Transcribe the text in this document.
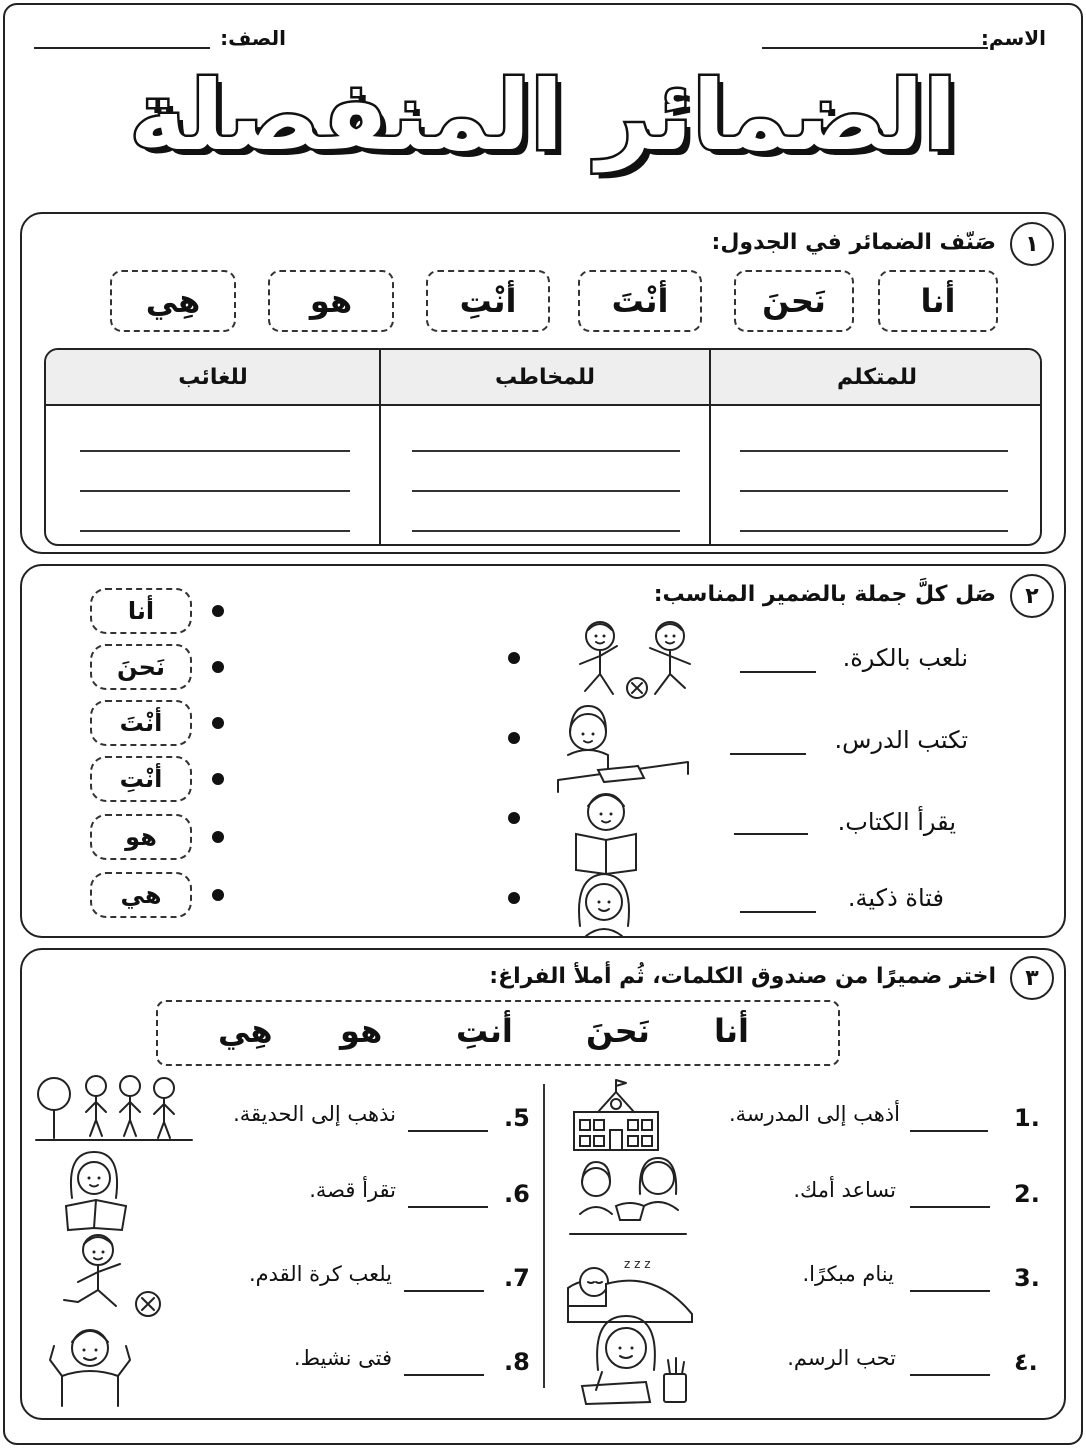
الاسم:
الصف:
الضمائر المنفصلة
١
صَنّف الضمائر في الجدول:
أنا
نَحنَ
أنْتَ
أنْتِ
هو
هِي
للمتكلم
للمخاطب
للغائب
٢
صَل كلَّ جملة بالضمير المناسب:
نلعب بالكرة.
تكتب الدرس.
يقرأ الكتاب.
فتاة ذكية.
أنا
نَحنَ
أنْتَ
أنْتِ
هو
هي
٣
اختر ضميرًا من صندوق الكلمات، ثُم أملأ الفراغ:
أنا
نَحنَ
أنتِ
هو
هِي
1.
أذهب إلى المدرسة.
2.
تساعد أمك.
3.
ينام مبكرًا.
٤.
تحب الرسم.
.5
نذهب إلى الحديقة.
.6
تقرأ قصة.
.7
يلعب كرة القدم.
.8
فتى نشيط.
z z z
